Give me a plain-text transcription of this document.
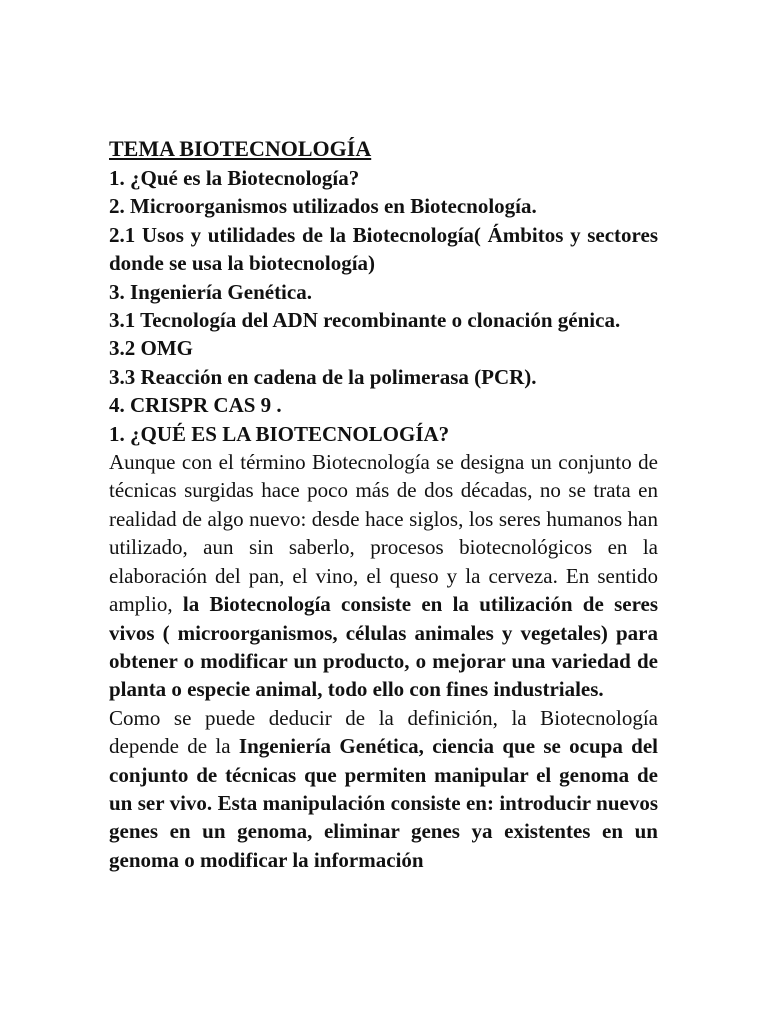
TEMA BIOTECNOLOGÍA

1. ¿Qué es la Biotecnología?

2. Microorganismos utilizados en Biotecnología.

2.1 Usos y utilidades de la Biotecnología( Ámbitos y sectores donde se usa la biotecnología)

3. Ingeniería Genética.

3.1 Tecnología del ADN recombinante o clonación génica.

3.2 OMG

3.3 Reacción en cadena de la polimerasa (PCR).

4. CRISPR CAS 9 .

1. ¿QUÉ ES LA BIOTECNOLOGÍA?

Aunque con el término Biotecnología se designa un conjunto de técnicas surgidas hace poco más de dos décadas, no se trata en realidad de algo nuevo: desde hace siglos, los seres humanos han utilizado, aun sin saberlo, procesos biotecnológicos en la elaboración del pan, el vino, el queso y la cerveza. En sentido amplio, la Biotecnología consiste en la utilización de seres vivos ( microorganismos, células animales y vegetales) para obtener o modificar un producto, o mejorar una variedad de planta o especie animal, todo ello con fines industriales.

Como se puede deducir de la definición, la Biotecnología depende de la Ingeniería Genética, ciencia que se ocupa del conjunto de técnicas que permiten manipular el genoma de un ser vivo. Esta manipulación consiste en: introducir nuevos genes en un genoma, eliminar genes ya existentes en un genoma o modificar la información
